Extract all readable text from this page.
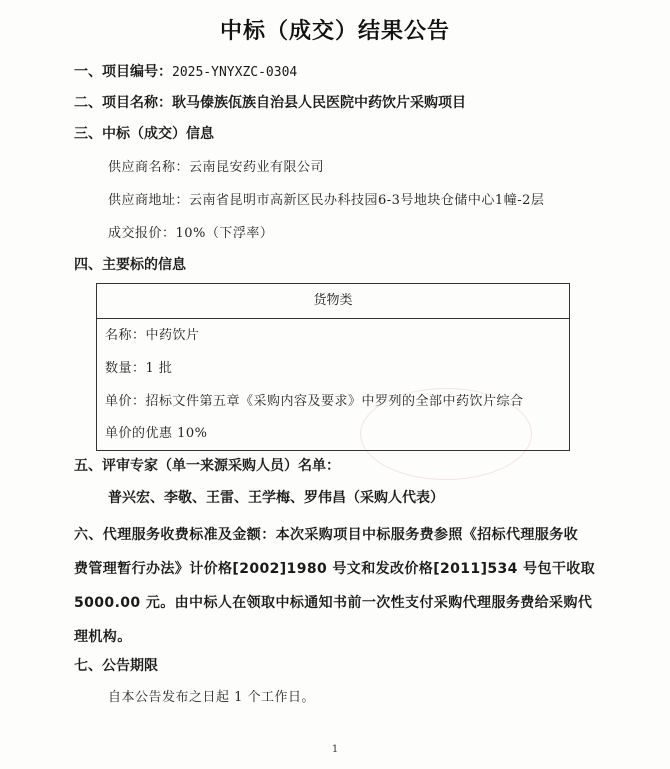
中标（成交）结果公告
一、项目编号：2025-YNYXZC-0304
二、项目名称：耿马傣族佤族自治县人民医院中药饮片采购项目
三、中标（成交）信息
供应商名称：云南昆安药业有限公司
供应商地址：云南省昆明市高新区民办科技园6-3号地块仓储中心1幢-2层
成交报价：10%（下浮率）
四、主要标的信息
货物类
名称：中药饮片
数量：1 批
单价：招标文件第五章《采购内容及要求》中罗列的全部中药饮片综合
单价的优惠 10%
五、评审专家（单一来源采购人员）名单：
普兴宏、李敬、王雷、王学梅、罗伟昌（采购人代表）
六、代理服务收费标准及金额：本次采购项目中标服务费参照《招标代理服务收
费管理暂行办法》计价格[2002]1980 号文和发改价格[2011]534 号包干收取
5000.00 元。由中标人在领取中标通知书前一次性支付采购代理服务费给采购代
理机构。
七、公告期限
自本公告发布之日起 1 个工作日。
1
